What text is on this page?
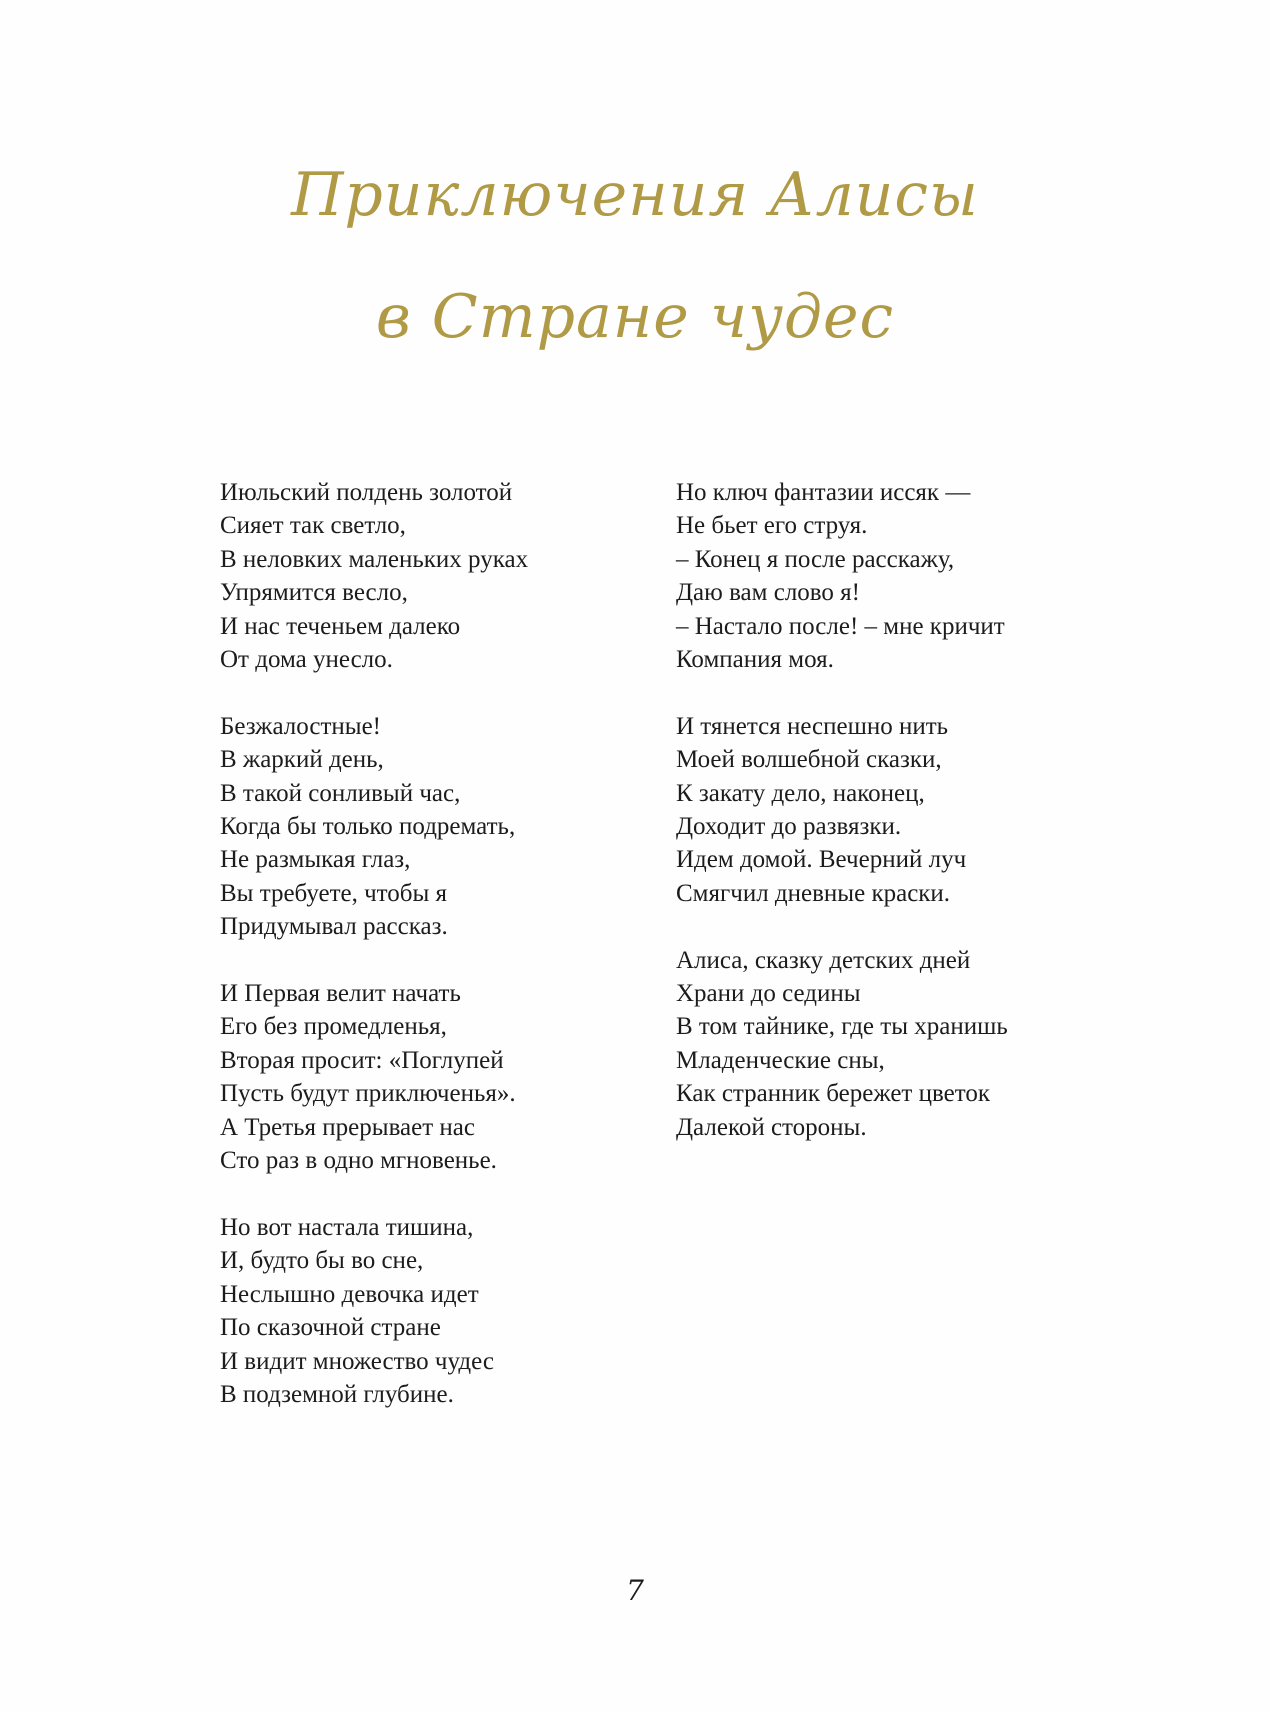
Приключения Алисы
в Стране чудес
Июльский полдень золотой
Сияет так светло,
В неловких маленьких руках
Упрямится весло,
И нас теченьем далеко
От дома унесло.
Безжалостные!
В жаркий день,
В такой сонливый час,
Когда бы только подремать,
Не размыкая глаз,
Вы требуете, чтобы я
Придумывал рассказ.
И Первая велит начать
Его без промедленья,
Вторая просит: «Поглупей
Пусть будут приключенья».
А Третья прерывает нас
Сто раз в одно мгновенье.
Но вот настала тишина,
И, будто бы во сне,
Неслышно девочка идет
По сказочной стране
И видит множество чудес
В подземной глубине.
Но ключ фантазии иссяк —
Не бьет его струя.
– Конец я после расскажу,
Даю вам слово я!
– Настало после! – мне кричит
Компания моя.
И тянется неспешно нить
Моей волшебной сказки,
К закату дело, наконец,
Доходит до развязки.
Идем домой. Вечерний луч
Смягчил дневные краски.
Алиса, сказку детских дней
Храни до седины
В том тайнике, где ты хранишь
Младенческие сны,
Как странник бережет цветок
Далекой стороны.
7
